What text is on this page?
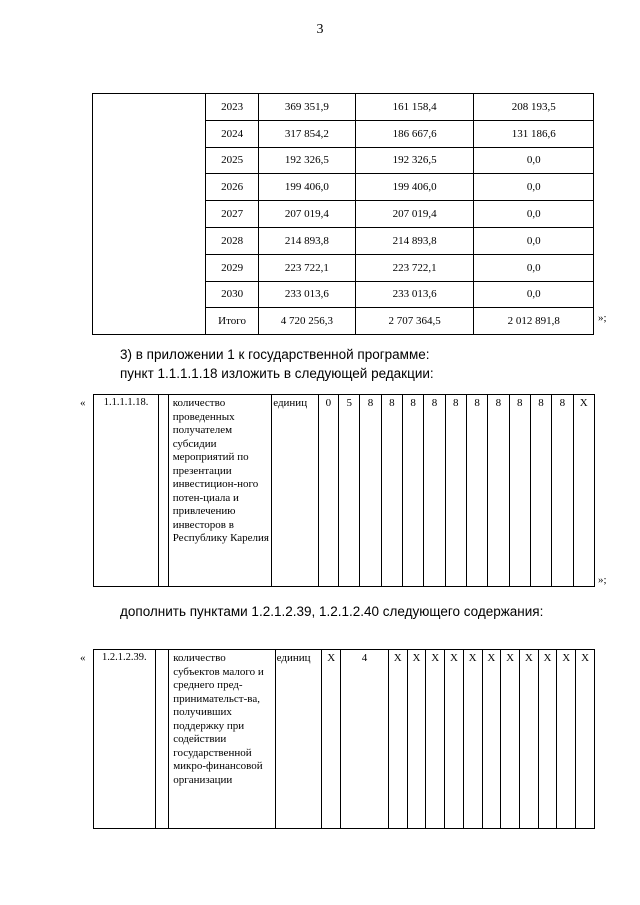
3
	2023	369 351,9	161 158,4	208 193,5
	2024	317 854,2	186 667,6	131 186,6
	2025	192 326,5	192 326,5	0,0
	2026	199 406,0	199 406,0	0,0
	2027	207 019,4	207 019,4	0,0
	2028	214 893,8	214 893,8	0,0
	2029	223 722,1	223 722,1	0,0
	2030	233 013,6	233 013,6	0,0
	Итого	4 720 256,3	2 707 364,5	2 012 891,8	»;
3) в приложении 1 к государственной программе:
пункт 1.1.1.1.18 изложить в следующей редакции:
« 1.1.1.1.18.		количество проведенных получателем субсидии мероприятий по презентации инвестицион-ного потен-циала и привлечению инвесторов в Республику Карелия	единиц	0	5	8	8	8	8	8	8	8	8	8	8	Х
»;
дополнить пунктами 1.2.1.2.39, 1.2.1.2.40 следующего содержания:
« 1.2.1.2.39.		количество субъектов малого и среднего пред-принимательст-ва, получивших поддержку при содействии государственной микро-финансовой организации	единиц	Х	4	Х	Х	Х	Х	Х	Х	Х	Х	Х	Х	Х
